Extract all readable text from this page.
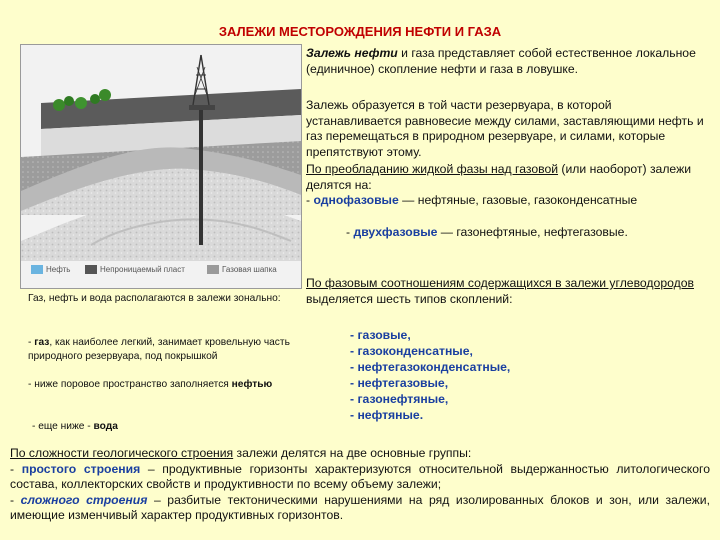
ЗАЛЕЖИ МЕСТОРОЖДЕНИЯ НЕФТИ И ГАЗА
Нефть	Непроницаемый пласт	Газовая шапка
Залежь нефти и газа представляет собой естественное локальное (единичное) скопление нефти и газа в ловушке.
Залежь образуется в той части резервуара, в которой устанавливается равновесие между силами, заставляющими нефть и газ перемещаться в природном резервуаре, и силами, которые препятствуют этому.
По преобладанию жидкой фазы над газовой (или наоборот) залежи делятся на:
- однофазовые — нефтяные, газовые, газоконденсатные
- двухфазовые — газонефтяные, нефтегазовые.
По фазовым соотношениям содержащихся в залежи углеводородов выделяется шесть типов скоплений:
- газовые,
- газоконденсатные,
- нефтегазоконденсатные,
- нефтегазовые,
- газонефтяные,
- нефтяные.
Газ, нефть и вода располагаются в залежи зонально:
- газ, как наиболее легкий, занимает кровельную часть природного резервуара, под покрышкой
- ниже поровое пространство заполняется нефтью
- еще ниже - вода
По сложности геологического строения залежи делятся на две основные группы:
- простого строения – продуктивные горизонты характеризуются относительной выдержанностью литологического состава, коллекторских свойств и продуктивности по всему объему залежи;
- сложного строения – разбитые тектоническими нарушениями на ряд изолированных блоков и зон, или залежи, имеющие изменчивый характер продуктивных горизонтов.
